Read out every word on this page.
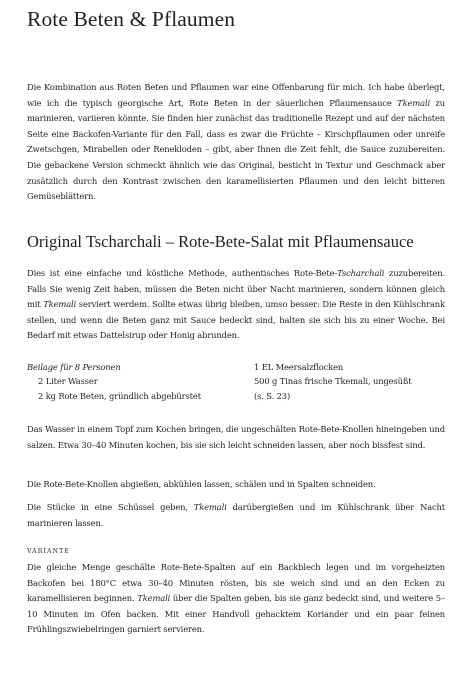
Rote Beten & Pflaumen

Die Kombination aus Roten Beten und Pflaumen war eine Offenbarung für mich. Ich habe überlegt, wie ich die typisch georgische Art, Rote Beten in der säuerlichen Pflaumensauce Tkemali zu marinieren, variieren könnte. Sie finden hier zunächst das traditionelle Rezept und auf der nächsten Seite eine Backofen-Variante für den Fall, dass es zwar die Früchte – Kirschpflaumen oder unreife Zwetschgen, Mirabellen oder Renekloden – gibt, aber Ihnen die Zeit fehlt, die Sauce zuzubereiten. Die gebackene Version schmeckt ähnlich wie das Original, besticht in Textur und Geschmack aber zusätzlich durch den Kontrast zwischen den karamellisierten Pflaumen und den leicht bitteren Gemüseblättern.

Original Tscharchali – Rote-Bete-Salat mit Pflaumensauce

Dies ist eine einfache und köstliche Methode, authentisches Rote-Bete-Tscharchali zuzubereiten. Falls Sie wenig Zeit haben, müssen die Beten nicht über Nacht marinieren, sondern können gleich mit Tkemali serviert werdem. Sollte etwas übrig bleiben, umso besser: Die Reste in den Kühlschrank stellen, und wenn die Beten ganz mit Sauce bedeckt sind, halten sie sich bis zu einer Woche. Bei Bedarf mit etwas Dattelsirup oder Honig abrunden.

Beilage für 8 Personen
2 Liter Wasser
2 kg Rote Beten, gründlich abgebürstet
1 EL Meersalzflocken
500 g Tinas frische Tkemali, ungesüßt
(s. S. 23)

Das Wasser in einem Topf zum Kochen bringen, die ungeschälten Rote-Bete-Knollen hineingeben und salzen. Etwa 30–40 Minuten kochen, bis sie sich leicht schneiden lassen, aber noch bissfest sind.

Die Rote-Bete-Knollen abgießen, abkühlen lassen, schälen und in Spalten schneiden.

Die Stücke in eine Schüssel geben, Tkemali darübergießen und im Kühlschrank über Nacht marinieren lassen.

VARIANTE

Die gleiche Menge geschälte Rote-Bete-Spalten auf ein Backblech legen und im vorgeheizten Backofen bei 180°C etwa 30–40 Minuten rösten, bis sie weich sind und an den Ecken zu karamellisieren beginnen. Tkemali über die Spalten geben, bis sie ganz bedeckt sind, und weitere 5–10 Minuten im Ofen backen. Mit einer Handvoll gehacktem Koriander und ein paar feinen Frühlingszwiebelringen garniert servieren.
